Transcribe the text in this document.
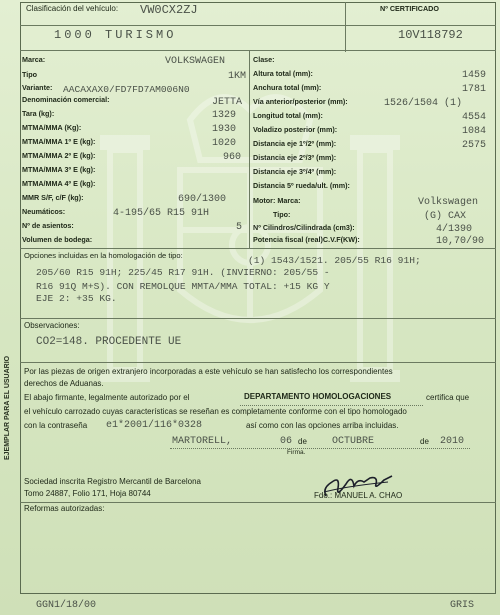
Clasificación del vehículo: VW0CX2ZJ	Nº CERTIFICADO
1000 TURISMO	10V118792
Marca:	VOLKSWAGEN
Tipo	1KM
Variante: AACAXAX0/FD7FD7AM006N0
Denominación comercial:	JETTA
Tara (kg):	1329
MTMA/MMA (Kg):	1930
MTMA/MMA 1º E (kg):	1020
MTMA/MMA 2º E (kg):	960
MTMA/MMA 3º E (kg):
MTMA/MMA 4º E (kg):
MMR S/F, c/F (kg):	690/1300
Neumáticos:	4-195/65 R15 91H
Nº de asientos:	5
Volumen de bodega:
Clase:
Altura total (mm):	1459
Anchura total (mm):	1781
Vía anterior/posterior (mm):	1526/1504 (1)
Longitud total (mm):	4554
Voladizo posterior (mm):	1084
Distancia eje 1º/2º (mm):	2575
Distancia eje 2º/3º (mm):
Distancia eje 3º/4º (mm):
Distancia 5º rueda/ult. (mm):
Motor: Marca:	Volkswagen
Tipo:	(G) CAX
Nº Cilindros/Cilindrada (cm3):	4/1390
Potencia fiscal (real)C.V.F(KW):	10,70/90
Opciones incluidas en la homologación de tipo:	(1) 1543/1521. 205/55 R16 91H;
205/60 R15 91H; 225/45 R17 91H. (INVIERNO: 205/55 -
R16 91Q M+S). CON REMOLQUE MMTA/MMA TOTAL: +15 KG Y
EJE 2: +35 KG.
Observaciones:
CO2=148. PROCEDENTE UE
Por las piezas de origen extranjero incorporadas a este vehículo se han satisfecho los correspondientes
derechos de Aduanas.
El abajo firmante, legalmente autorizado por el	DEPARTAMENTO HOMOLOGACIONES	certifica que
el vehículo carrozado cuyas características se reseñan es completamente conforme con el tipo homologado
con la contraseña e1*2001/116*0328	así como con las opciones arriba incluidas.
MARTORELL,	06 de	OCTUBRE	de 2010
Firma.
Sociedad inscrita Registro Mercantil de Barcelona
Tomo 24887, Folio 171, Hoja 80744	Fdo.: MANUEL A. CHAO
Reformas autorizadas:
EJEMPLAR PARA EL USUARIO
GGN1/18/00	GRIS
